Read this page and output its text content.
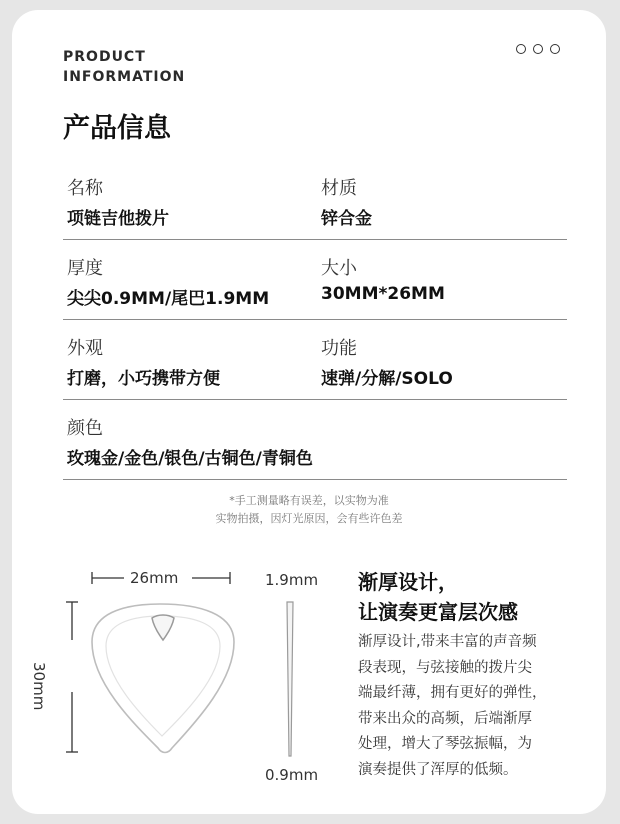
PRODUCT
INFORMATION
产品信息
名称
项链吉他拨片
材质
锌合金
厚度
尖尖0.9MM/尾巴1.9MM
大小
30MM*26MM
外观
打磨，小巧携带方便
功能
速弹/分解/SOLO
颜色
玫瑰金/金色/银色/古铜色/青铜色
*手工测量略有误差，以实物为准
实物拍摄，因灯光原因，会有些许色差
26mm
30mm
1.9mm
0.9mm
渐厚设计，
让演奏更富层次感
渐厚设计,带来丰富的声音频
段表现，与弦接触的拨片尖
端最纤薄，拥有更好的弹性，
带来出众的高频，后端渐厚
处理，增大了琴弦振幅，为
演奏提供了浑厚的低频。
